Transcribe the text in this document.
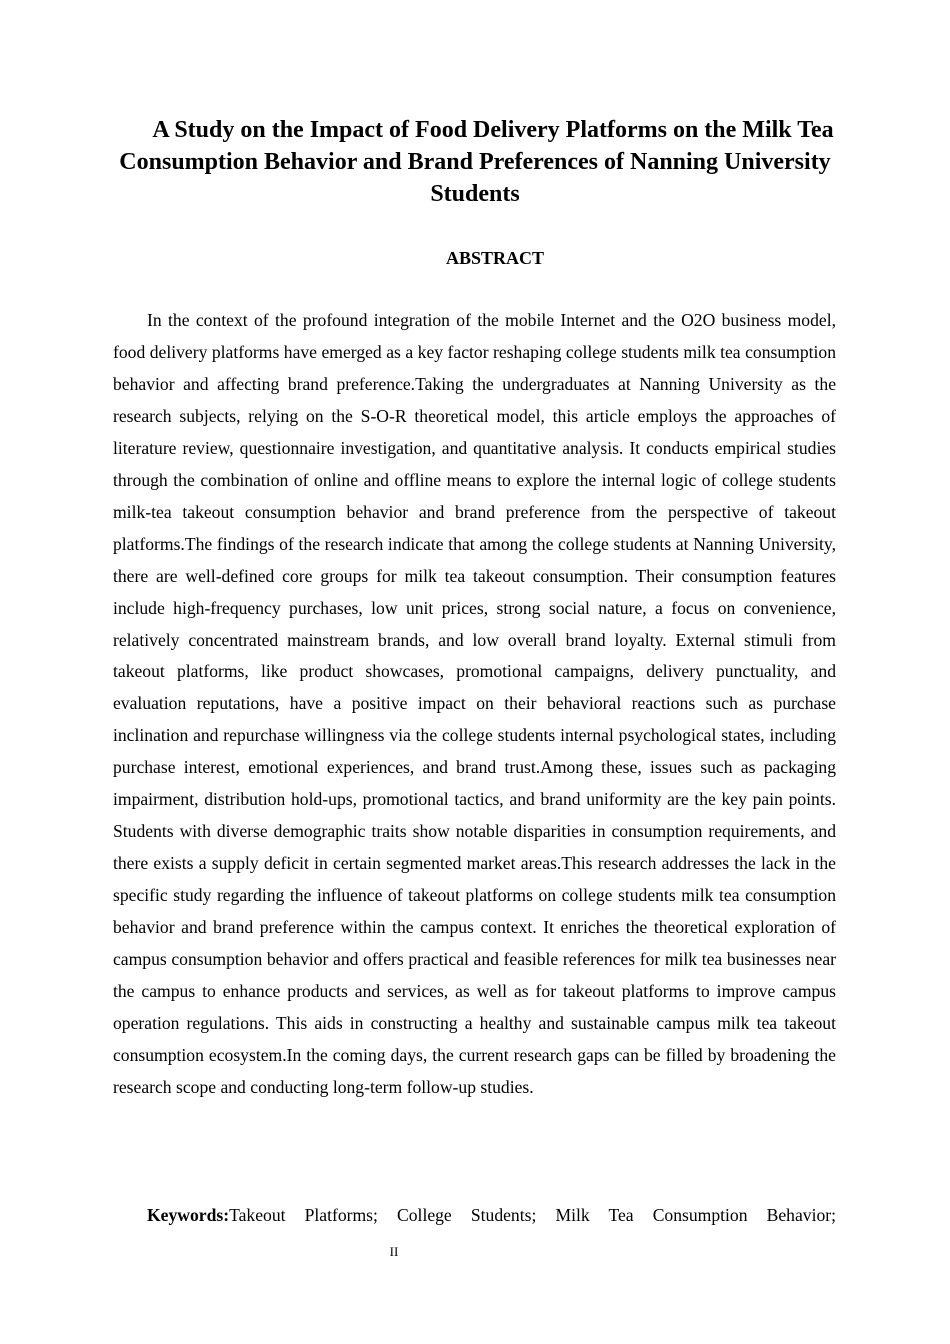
A Study on the Impact of Food Delivery Platforms on the Milk Tea Consumption Behavior and Brand Preferences of Nanning University Students
ABSTRACT

In the context of the profound integration of the mobile Internet and the O2O business model, food delivery platforms have emerged as a key factor reshaping college students milk tea consumption behavior and affecting brand preference.Taking the undergraduates at Nanning University as the research subjects, relying on the S-O-R theoretical model, this article employs the approaches of literature review, questionnaire investigation, and quantitative analysis. It conducts empirical studies through the combination of online and offline means to explore the internal logic of college students milk-tea takeout consumption behavior and brand preference from the perspective of takeout platforms.The findings of the research indicate that among the college students at Nanning University, there are well-defined core groups for milk tea takeout consumption. Their consumption features include high-frequency purchases, low unit prices, strong social nature, a focus on convenience, relatively concentrated mainstream brands, and low overall brand loyalty. External stimuli from takeout platforms, like product showcases, promotional campaigns, delivery punctuality, and evaluation reputations, have a positive impact on their behavioral reactions such as purchase inclination and repurchase willingness via the college students internal psychological states, including purchase interest, emotional experiences, and brand trust.Among these, issues such as packaging impairment, distribution hold-ups, promotional tactics, and brand uniformity are the key pain points. Students with diverse demographic traits show notable disparities in consumption requirements, and there exists a supply deficit in certain segmented market areas.This research addresses the lack in the specific study regarding the influence of takeout platforms on college students milk tea consumption behavior and brand preference within the campus context. It enriches the theoretical exploration of campus consumption behavior and offers practical and feasible references for milk tea businesses near the campus to enhance products and services, as well as for takeout platforms to improve campus operation regulations. This aids in constructing a healthy and sustainable campus milk tea takeout consumption ecosystem.In the coming days, the current research gaps can be filled by broadening the research scope and conducting long-term follow-up studies.

Keywords:Takeout Platforms; College Students; Milk Tea Consumption Behavior;

II
